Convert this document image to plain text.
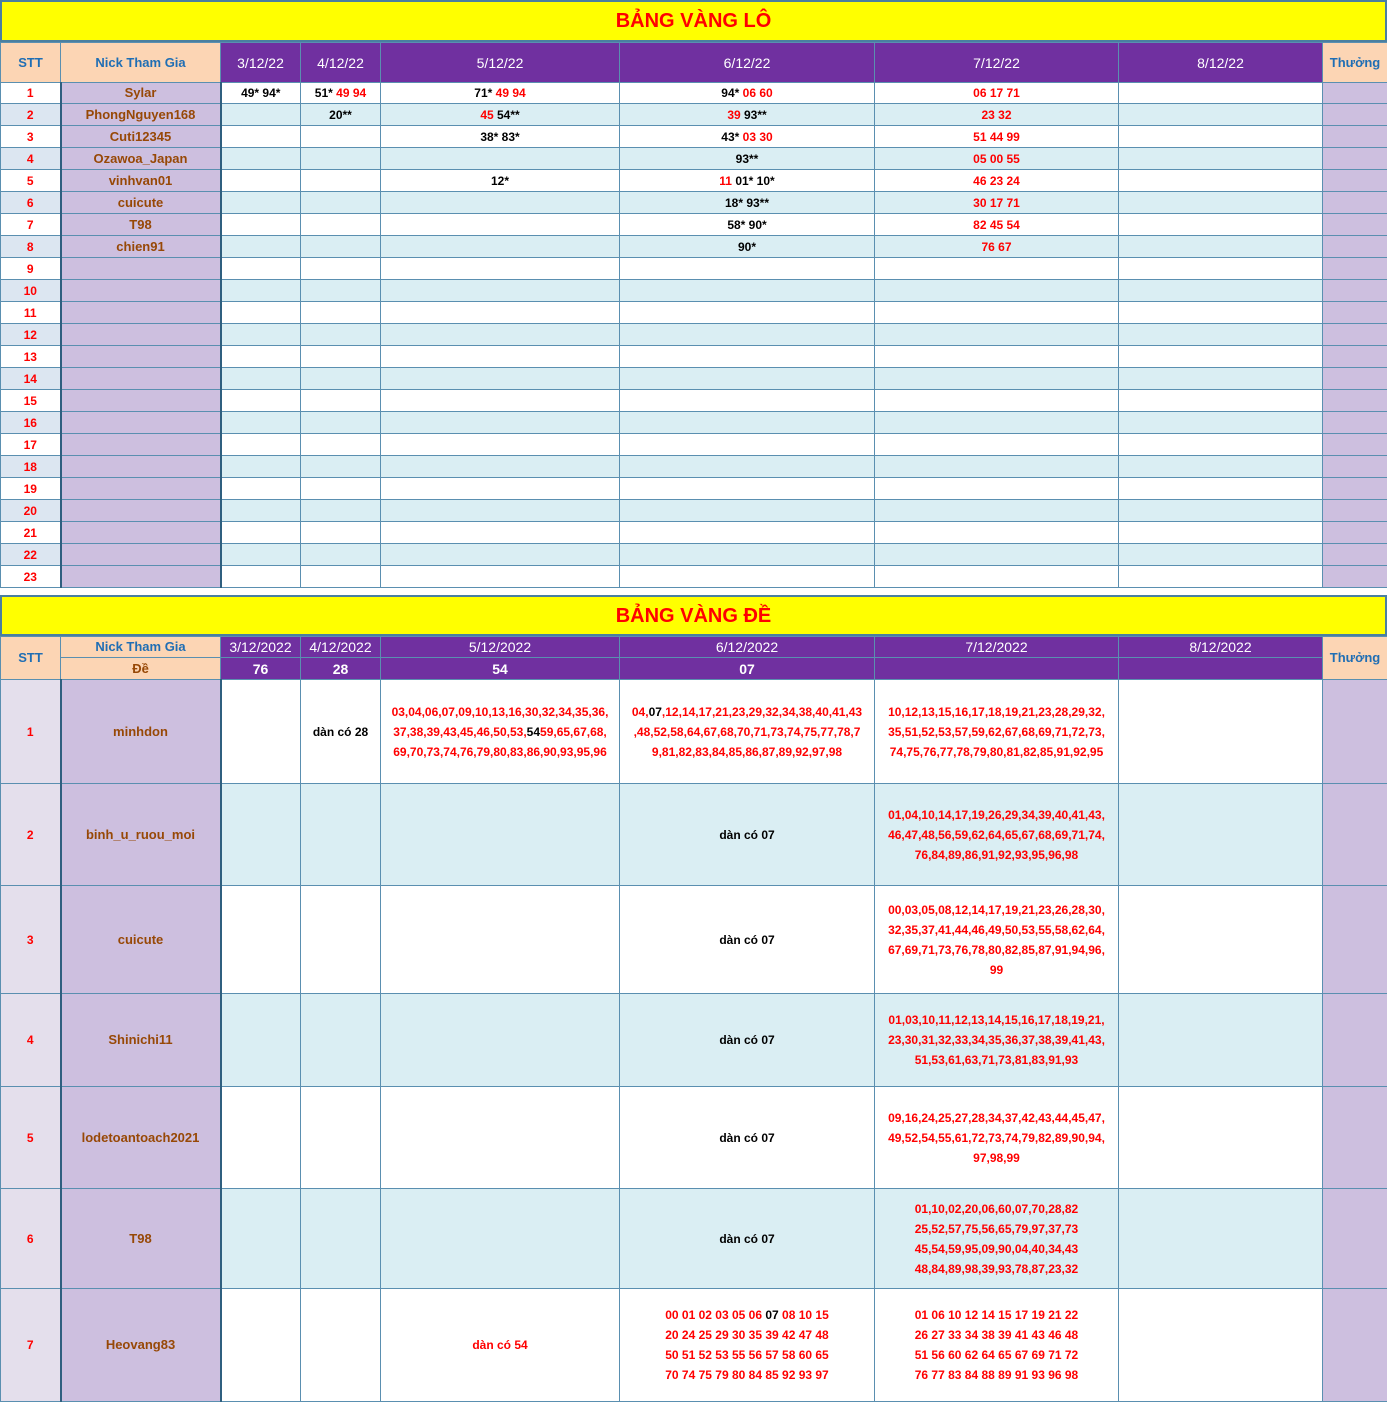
BẢNG VÀNG LÔ
STT	Nick Tham Gia	3/12/22	4/12/22	5/12/22	6/12/22	7/12/22	8/12/22	Thưởng
1	Sylar	49* 94*	51* 49 94	71* 49 94	94* 06 60	06 17 71		
2	PhongNguyen168		20**	45 54**	39 93**	23 32		
3	Cuti12345			38* 83*	43* 03 30	51 44 99		
4	Ozawoa_Japan				93**	05 00 55		
5	vinhvan01			12*	11 01* 10*	46 23 24		
6	cuicute				18* 93**	30 17 71		
7	T98				58* 90*	82 45 54		
8	chien91				90*	76 67		
9								
10								
11								
12								
13								
14								
15								
16								
17								
18								
19								
20								
21								
22								
23								
BẢNG VÀNG ĐỀ
STT	Nick Tham Gia	3/12/2022	4/12/2022	5/12/2022	6/12/2022	7/12/2022	8/12/2022	Thưởng
	Đề	76	28	54	07			
1	minhdon		dàn có 28	03,04,06,07,09,10,13,16,30,32,34,35,36,
37,38,39,43,45,46,50,53,5459,65,67,68,
69,70,73,74,76,79,80,83,86,90,93,95,96	04,07,12,14,17,21,23,29,32,34,38,40,41,43
,48,52,58,64,67,68,70,71,73,74,75,77,78,7
9,81,82,83,84,85,86,87,89,92,97,98	10,12,13,15,16,17,18,19,21,23,28,29,32,
35,51,52,53,57,59,62,67,68,69,71,72,73,
74,75,76,77,78,79,80,81,82,85,91,92,95		
2	binh_u_ruou_moi				dàn có 07	01,04,10,14,17,19,26,29,34,39,40,41,43,
46,47,48,56,59,62,64,65,67,68,69,71,74,
76,84,89,86,91,92,93,95,96,98		
3	cuicute				dàn có 07	00,03,05,08,12,14,17,19,21,23,26,28,30,
32,35,37,41,44,46,49,50,53,55,58,62,64,
67,69,71,73,76,78,80,82,85,87,91,94,96,
99		
4	Shinichi11				dàn có 07	01,03,10,11,12,13,14,15,16,17,18,19,21,
23,30,31,32,33,34,35,36,37,38,39,41,43,
51,53,61,63,71,73,81,83,91,93		
5	lodetoantoach2021				dàn có 07	09,16,24,25,27,28,34,37,42,43,44,45,47,
49,52,54,55,61,72,73,74,79,82,89,90,94,
97,98,99		
6	T98				dàn có 07	01,10,02,20,06,60,07,70,28,82
25,52,57,75,56,65,79,97,37,73
45,54,59,95,09,90,04,40,34,43
48,84,89,98,39,93,78,87,23,32		
7	Heovang83			dàn có 54	00 01 02 03 05 06 07 08 10 15
20 24 25 29 30 35 39 42 47 48
50 51 52 53 55 56 57 58 60 65
70 74 75 79 80 84 85 92 93 97	01 06 10 12 14 15 17 19 21 22
26 27 33 34 38 39 41 43 46 48
51 56 60 62 64 65 67 69 71 72
76 77 83 84 88 89 91 93 96 98		
